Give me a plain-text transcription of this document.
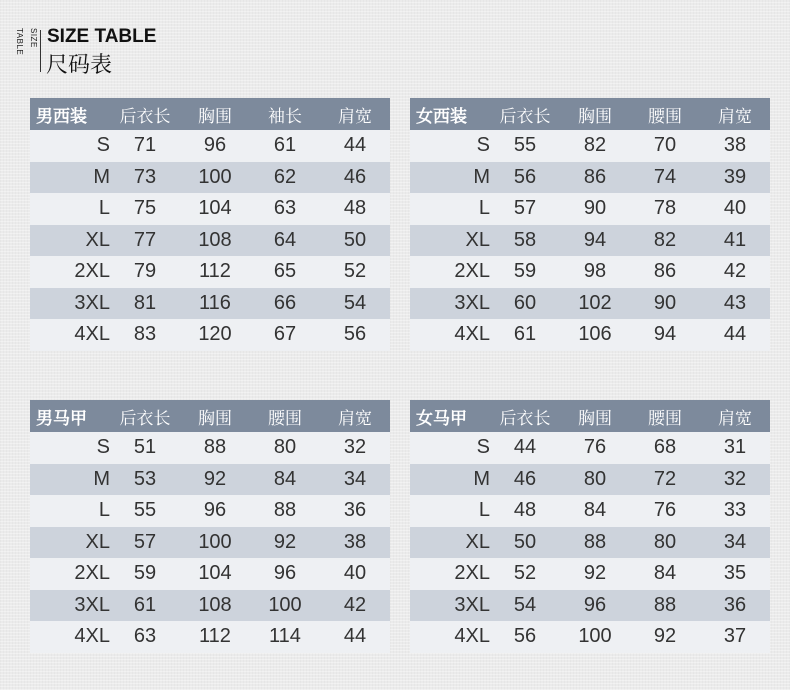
SIZE TABLE	SIZE TABLE
尺码表
男西装	后衣长	胸围	袖长	肩宽
S	71	96	61	44
M	73	100	62	46
L	75	104	63	48
XL	77	108	64	50
2XL	79	112	65	52
3XL	81	116	66	54
4XL	83	120	67	56
女西装	后衣长	胸围	腰围	肩宽
S	55	82	70	38
M	56	86	74	39
L	57	90	78	40
XL	58	94	82	41
2XL	59	98	86	42
3XL	60	102	90	43
4XL	61	106	94	44
男马甲	后衣长	胸围	腰围	肩宽
S	51	88	80	32
M	53	92	84	34
L	55	96	88	36
XL	57	100	92	38
2XL	59	104	96	40
3XL	61	108	100	42
4XL	63	112	114	44
女马甲	后衣长	胸围	腰围	肩宽
S	44	76	68	31
M	46	80	72	32
L	48	84	76	33
XL	50	88	80	34
2XL	52	92	84	35
3XL	54	96	88	36
4XL	56	100	92	37
